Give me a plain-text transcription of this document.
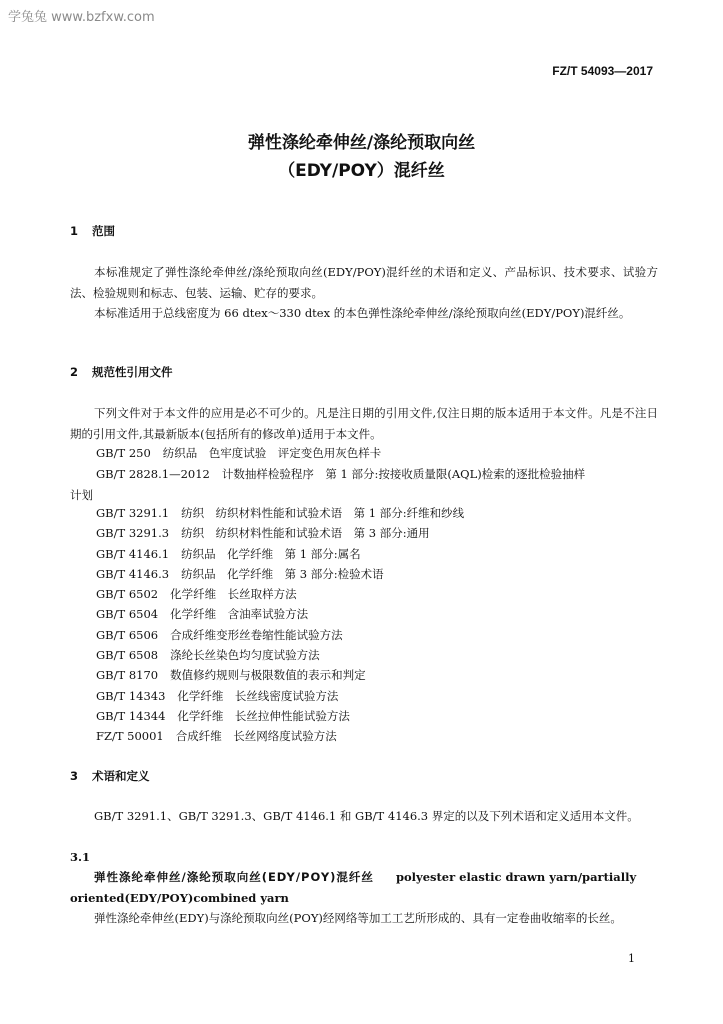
学兔兔 www.bzfxw.com
FZ/T 54093—2017
弹性涤纶牵伸丝/涤纶预取向丝
（EDY/POY）混纤丝
1 范围
本标准规定了弹性涤纶牵伸丝/涤纶预取向丝(EDY/POY)混纤丝的术语和定义、产品标识、技术要求、试验方法、检验规则和标志、包装、运输、贮存的要求。
本标准适用于总线密度为 66 dtex～330 dtex 的本色弹性涤纶牵伸丝/涤纶预取向丝(EDY/POY)混纤丝。
2 规范性引用文件
下列文件对于本文件的应用是必不可少的。凡是注日期的引用文件,仅注日期的版本适用于本文件。凡是不注日期的引用文件,其最新版本(包括所有的修改单)适用于本文件。
GB/T 250 纺织品　色牢度试验　评定变色用灰色样卡
GB/T 2828.1—2012 计数抽样检验程序　第 1 部分:按接收质量限(AQL)检索的逐批检验抽样
计划
GB/T 3291.1 纺织　纺织材料性能和试验术语　第 1 部分:纤维和纱线
GB/T 3291.3 纺织　纺织材料性能和试验术语　第 3 部分:通用
GB/T 4146.1 纺织品　化学纤维　第 1 部分:属名
GB/T 4146.3 纺织品　化学纤维　第 3 部分:检验术语
GB/T 6502 化学纤维　长丝取样方法
GB/T 6504 化学纤维　含油率试验方法
GB/T 6506 合成纤维变形丝卷缩性能试验方法
GB/T 6508 涤纶长丝染色均匀度试验方法
GB/T 8170 数值修约规则与极限数值的表示和判定
GB/T 14343 化学纤维　长丝线密度试验方法
GB/T 14344 化学纤维　长丝拉伸性能试验方法
FZ/T 50001 合成纤维　长丝网络度试验方法
3 术语和定义
GB/T 3291.1、GB/T 3291.3、GB/T 4146.1 和 GB/T 4146.3 界定的以及下列术语和定义适用本文件。
3.1
弹性涤纶牵伸丝/涤纶预取向丝(EDY/POY)混纤丝 polyester elastic drawn yarn/partially
oriented(EDY/POY)combined yarn
弹性涤纶牵伸丝(EDY)与涤纶预取向丝(POY)经网络等加工工艺所形成的、具有一定卷曲收缩率的长丝。
1
